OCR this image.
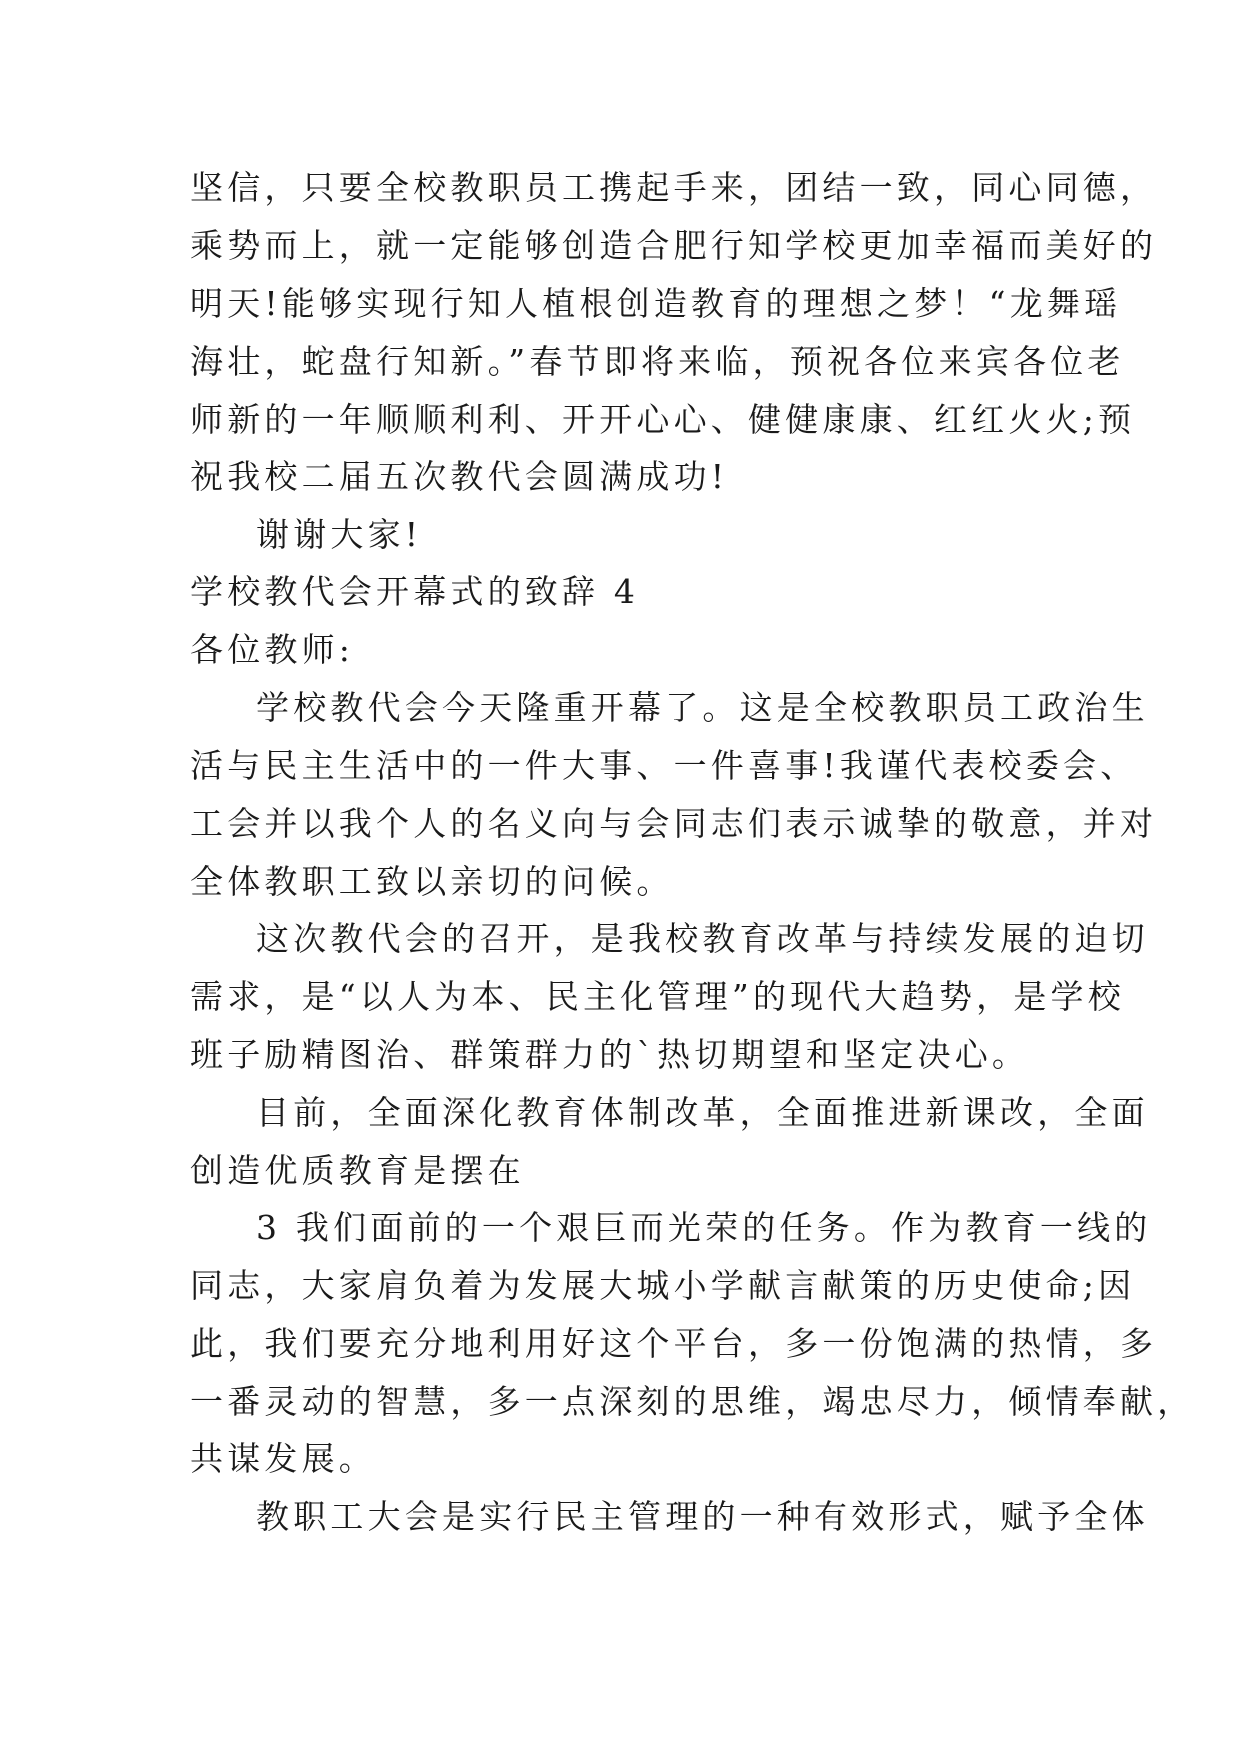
坚信，只要全校教职员工携起手来，团结一致，同心同德，
乘势而上，就一定能够创造合肥行知学校更加幸福而美好的
明天!能够实现行知人植根创造教育的理想之梦！“龙舞瑶
海壮，蛇盘行知新。”春节即将来临，预祝各位来宾各位老
师新的一年顺顺利利、开开心心、健健康康、红红火火;预
祝我校二届五次教代会圆满成功!
谢谢大家!
学校教代会开幕式的致辞 4
各位教师:
学校教代会今天隆重开幕了。这是全校教职员工政治生
活与民主生活中的一件大事、一件喜事!我谨代表校委会、
工会并以我个人的名义向与会同志们表示诚挚的敬意，并对
全体教职工致以亲切的问候。
这次教代会的召开，是我校教育改革与持续发展的迫切
需求，是“以人为本、民主化管理”的现代大趋势，是学校
班子励精图治、群策群力的`热切期望和坚定决心。
目前，全面深化教育体制改革，全面推进新课改，全面
创造优质教育是摆在
3 我们面前的一个艰巨而光荣的任务。作为教育一线的
同志，大家肩负着为发展大城小学献言献策的历史使命;因
此，我们要充分地利用好这个平台，多一份饱满的热情，多
一番灵动的智慧，多一点深刻的思维，竭忠尽力，倾情奉献，
共谋发展。
教职工大会是实行民主管理的一种有效形式，赋予全体
